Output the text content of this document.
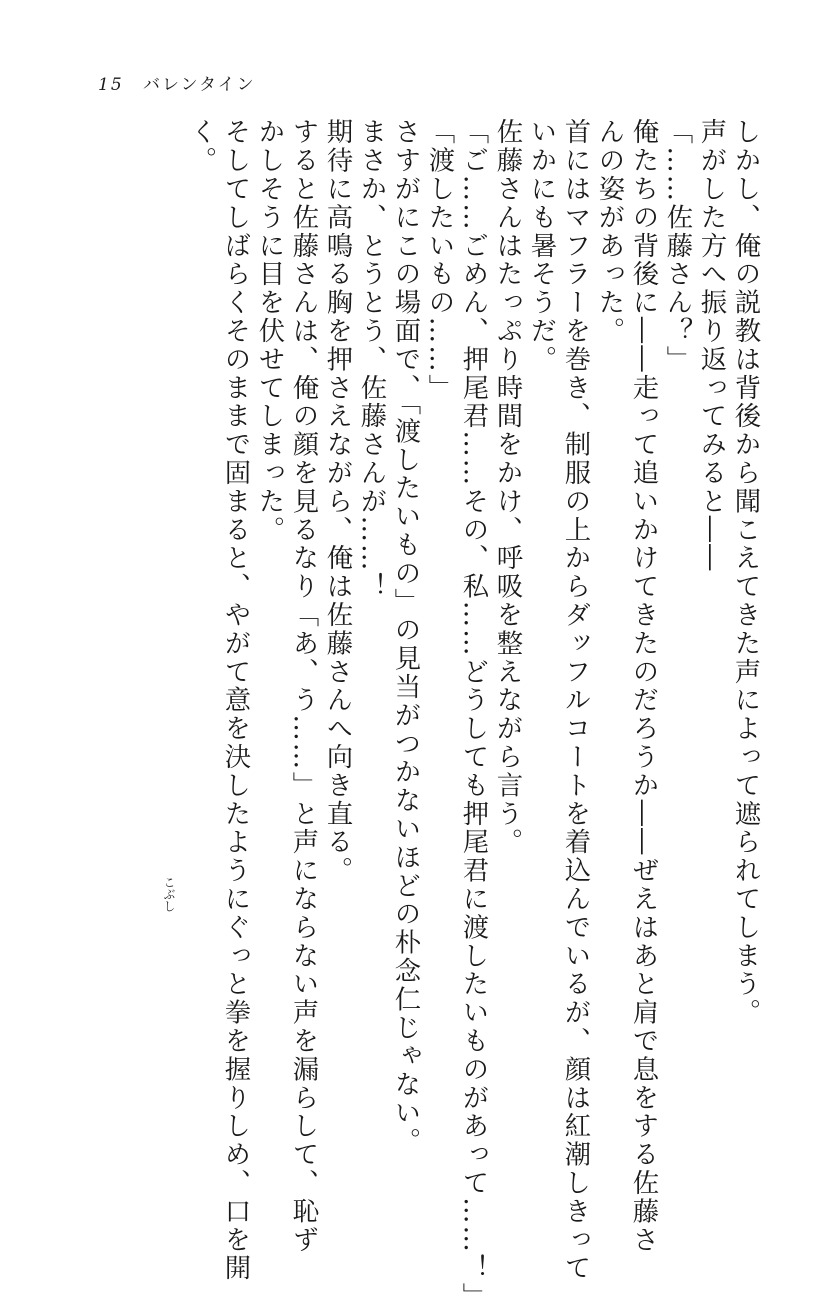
15 バレンタイン
しかし、俺の説教は背後から聞こえてきた声によって遮られてしまう。
声がした方へ振り返ってみると――
「……佐藤さん？」
俺たちの背後に――走って追いかけてきたのだろうか――ぜえはあと肩で息をする佐藤さ
んの姿があった。
首にはマフラーを巻き、制服の上からダッフルコートを着込んでいるが、顔は紅潮しきって
いかにも暑そうだ。
佐藤さんはたっぷり時間をかけ、呼吸を整えながら言う。
「ご……ごめん、押尾君……その、私……どうしても押尾君に渡したいものがあって……！」
「渡したいもの……」
さすがにこの場面で、「渡したいもの」の見当がつかないほどの朴念仁じゃない。
まさか、とうとう、佐藤さんが……！
期待に高鳴る胸を押さえながら、俺は佐藤さんへ向き直る。
すると佐藤さんは、俺の顔を見るなり「あ、う……」と声にならない声を漏らして、恥ず
かしそうに目を伏せてしまった。
そしてしばらくそのままで固まると、やがて意を決したようにぐっと拳を握りしめ、口を開
く。
こぶし
